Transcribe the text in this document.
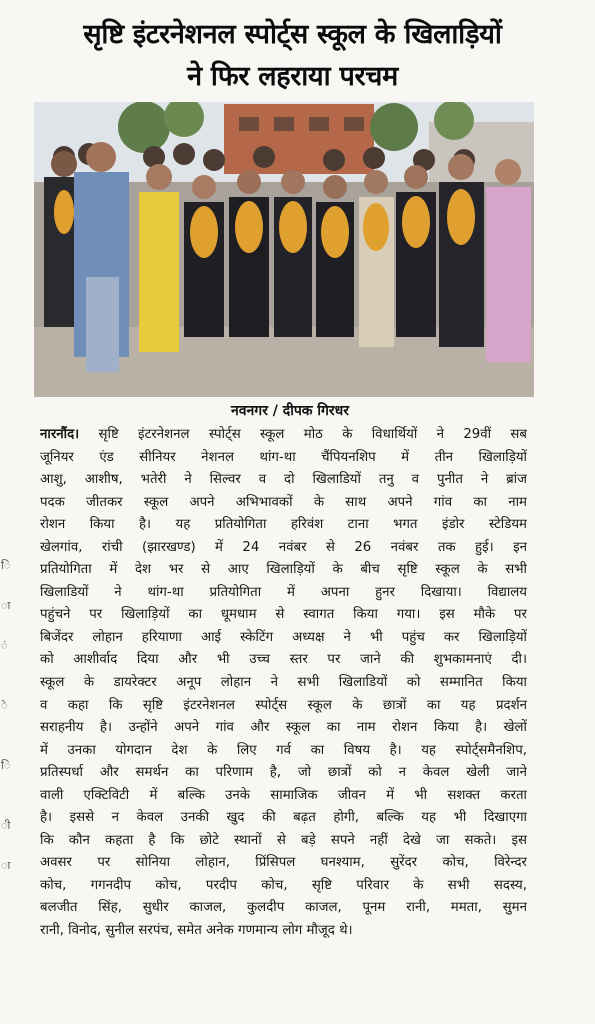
ि
ा
ं
े
ि
ी
ा
सृष्टि इंटरनेशनल स्पोर्ट्स स्कूल के खिलाड़ियों
ने फिर लहराया परचम
नवनगर / दीपक गिरधर
नारनौंद। सृष्टि इंटरनेशनल स्पोर्ट्स स्कूल मोठ के विधार्थियों ने 29वीं सब
जूनियर एंड सीनियर नेशनल थांग-था चैंपियनशिप में तीन खिलाड़ियों
आशु, आशीष, भतेरी ने सिल्वर व दो खिलाडियों तनु व पुनीत ने ब्रांज
पदक जीतकर स्कूल अपने अभिभावकों के साथ अपने गांव का नाम
रोशन किया है। यह प्रतियोगिता हरिवंश टाना भगत इंडोर स्टेडियम
खेलगांव, रांची (झारखण्ड) में 24 नवंबर से 26 नवंबर तक हुई। इन
प्रतियोगिता में देश भर से आए खिलाड़ियों के बीच सृष्टि स्कूल के सभी
खिलाडियों ने थांग-था प्रतियोगिता में अपना हुनर दिखाया। विद्यालय
पहुंचने पर खिलाड़ियों का धूमधाम से स्वागत किया गया। इस मौके पर
बिजेंदर लोहान हरियाणा आई स्केटिंग अध्यक्ष ने भी पहुंच कर खिलाड़ियों
को आशीर्वाद दिया और भी उच्च स्तर पर जाने की शुभकामनाएं दी।
स्कूल के डायरेक्टर अनूप लोहान ने सभी खिलाडियों को सम्मानित किया
व कहा कि सृष्टि इंटरनेशनल स्पोर्ट्स स्कूल के छात्रों का यह प्रदर्शन
सराहनीय है। उन्होंने अपने गांव और स्कूल का नाम रोशन किया है। खेलों
में उनका योगदान देश के लिए गर्व का विषय है। यह स्पोर्ट्समैनशिप,
प्रतिस्पर्धा और समर्थन का परिणाम है, जो छात्रों को न केवल खेली जाने
वाली एक्टिविटी में बल्कि उनके सामाजिक जीवन में भी सशक्त करता
है। इससे न केवल उनकी खुद की बढ़त होगी, बल्कि यह भी दिखाएगा
कि कौन कहता है कि छोटे स्थानों से बड़े सपने नहीं देखे जा सकते। इस
अवसर पर सोनिया लोहान, प्रिंसिपल घनश्याम, सुरेंदर कोच, विरेन्दर
कोच, गगनदीप कोच, परदीप कोच, सृष्टि परिवार के सभी सदस्य,
बलजीत सिंह, सुधीर काजल, कुलदीप काजल, पूनम रानी, ममता, सुमन
रानी, विनोद, सुनील सरपंच, समेत अनेक गणमान्य लोग मौजूद थे।
